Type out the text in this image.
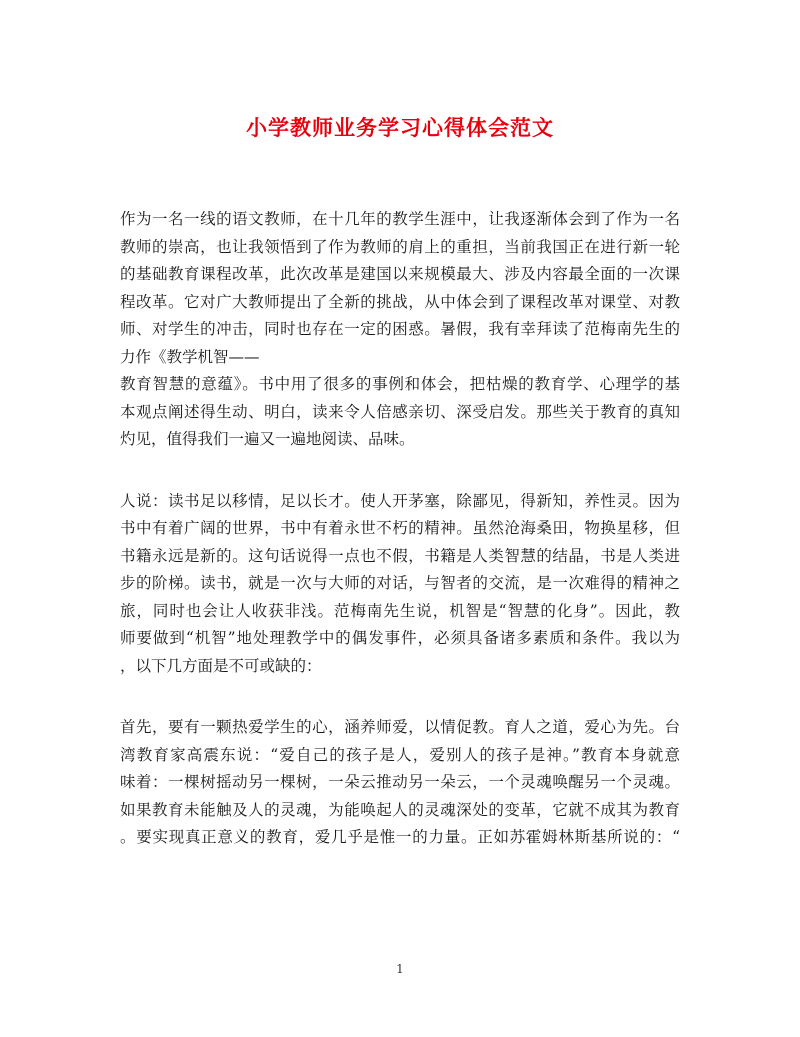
小学教师业务学习心得体会范文
作为一名一线的语文教师，在十几年的教学生涯中，让我逐渐体会到了作为一名
教师的崇高，也让我领悟到了作为教师的肩上的重担，当前我国正在进行新一轮
的基础教育课程改革，此次改革是建国以来规模最大、涉及内容最全面的一次课
程改革。它对广大教师提出了全新的挑战，从中体会到了课程改革对课堂、对教
师、对学生的冲击，同时也存在一定的困惑。暑假，我有幸拜读了范梅南先生的
力作《教学机智——
教育智慧的意蕴》。书中用了很多的事例和体会，把枯燥的教育学、心理学的基
本观点阐述得生动、明白，读来令人倍感亲切、深受启发。那些关于教育的真知
灼见，值得我们一遍又一遍地阅读、品味。
人说：读书足以移情，足以长才。使人开茅塞，除鄙见，得新知，养性灵。因为
书中有着广阔的世界，书中有着永世不朽的精神。虽然沧海桑田，物换星移，但
书籍永远是新的。这句话说得一点也不假，书籍是人类智慧的结晶，书是人类进
步的阶梯。读书，就是一次与大师的对话，与智者的交流，是一次难得的精神之
旅，同时也会让人收获非浅。范梅南先生说，机智是“智慧的化身”。因此，教
师要做到“机智”地处理教学中的偶发事件，必须具备诸多素质和条件。我以为
，以下几方面是不可或缺的：
首先，要有一颗热爱学生的心，涵养师爱，以情促教。育人之道，爱心为先。台
湾教育家高震东说：“爱自己的孩子是人，爱别人的孩子是神。”教育本身就意
味着：一棵树摇动另一棵树，一朵云推动另一朵云，一个灵魂唤醒另一个灵魂。
如果教育未能触及人的灵魂，为能唤起人的灵魂深处的变革，它就不成其为教育
。要实现真正意义的教育，爱几乎是惟一的力量。正如苏霍姆林斯基所说的：“
1
